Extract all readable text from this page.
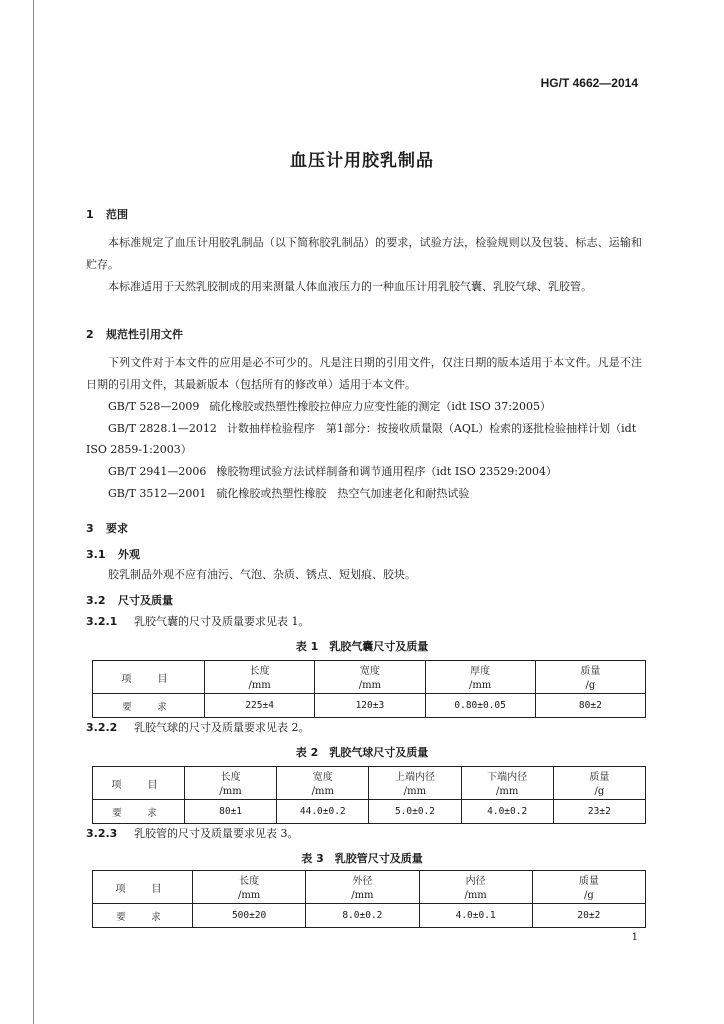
HG/T 4662—2014
血压计用胶乳制品
1 范围

本标准规定了血压计用胶乳制品（以下简称胶乳制品）的要求，试验方法，检验规则以及包装、标志、运输和贮存。

本标准适用于天然乳胶制成的用来测量人体血液压力的一种血压计用乳胶气囊、乳胶气球、乳胶管。

2 规范性引用文件

下列文件对于本文件的应用是必不可少的。凡是注日期的引用文件，仅注日期的版本适用于本文件。凡是不注日期的引用文件，其最新版本（包括所有的修改单）适用于本文件。

GB/T 528—2009 硫化橡胶或热塑性橡胶拉伸应力应变性能的测定（idt ISO 37:2005）

GB/T 2828.1—2012 计数抽样检验程序　第1部分：按接收质量限（AQL）检索的逐批检验抽样计划（idt ISO 2859-1:2003）

GB/T 2941—2006 橡胶物理试验方法试样制备和调节通用程序（idt ISO 23529:2004）

GB/T 3512—2001 硫化橡胶或热塑性橡胶　热空气加速老化和耐热试验

3 要求
3.1 外观

胶乳制品外观不应有油污、气泡、杂质、锈点、短划痕、胶块。

3.2 尺寸及质量
3.2.1 乳胶气囊的尺寸及质量要求见表 1。
表 1　乳胶气囊尺寸及质量
项　目	长度	宽度	厚度	质量
	/mm	/mm	/mm	/g
要　求	225±4	120±3	0.80±0.05	80±2
3.2.2 乳胶气球的尺寸及质量要求见表 2。
表 2　乳胶气球尺寸及质量
项　目	长度	宽度	上端内径	下端内径	质量
	/mm	/mm	/mm	/mm	/g
要　求	80±1	44.0±0.2	5.0±0.2	4.0±0.2	23±2
3.2.3 乳胶管的尺寸及质量要求见表 3。
表 3　乳胶管尺寸及质量
项　目	长度	外径	内径	质量
	/mm	/mm	/mm	/g
要　求	500±20	8.0±0.2	4.0±0.1	20±2
1
